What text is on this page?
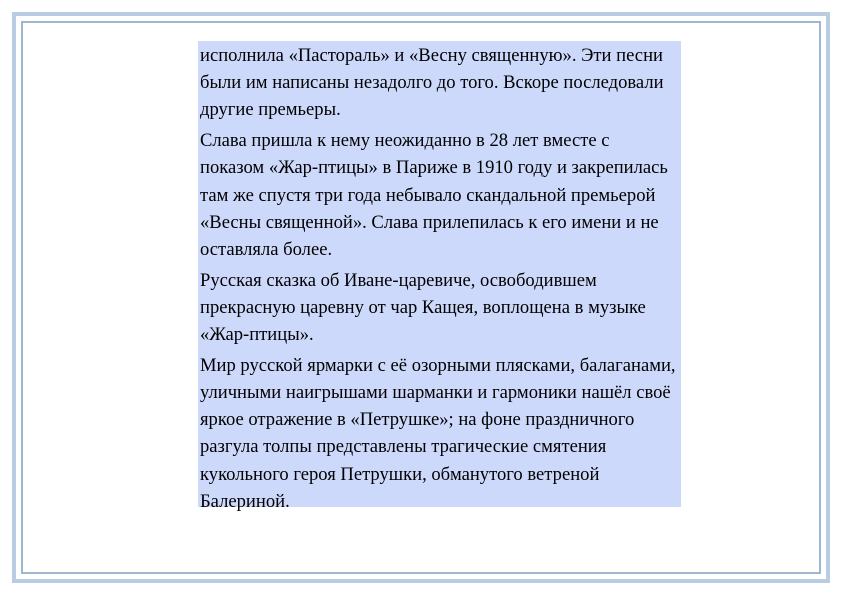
исполнила «Пастораль» и «Весну священную». Эти песни были им написаны незадолго до того. Вскоре последовали другие премьеры.

Слава пришла к нему неожиданно в 28 лет вместе с показом «Жар-птицы» в Париже в 1910 году и закрепилась там же спустя три года небывало скандальной премьерой «Весны священной». Слава прилепилась к его имени и не оставляла более.

Русская сказка об Иване-царевиче, освободившем прекрасную царевну от чар Кащея, воплощена в музыке «Жар-птицы».

Мир русской ярмарки с её озорными плясками, балаганами, уличными наигрышами шарманки и гармоники нашёл своё яркое отражение в «Петрушке»; на фоне праздничного разгула толпы представлены трагические смятения кукольного героя Петрушки, обманутого ветреной Балериной.
